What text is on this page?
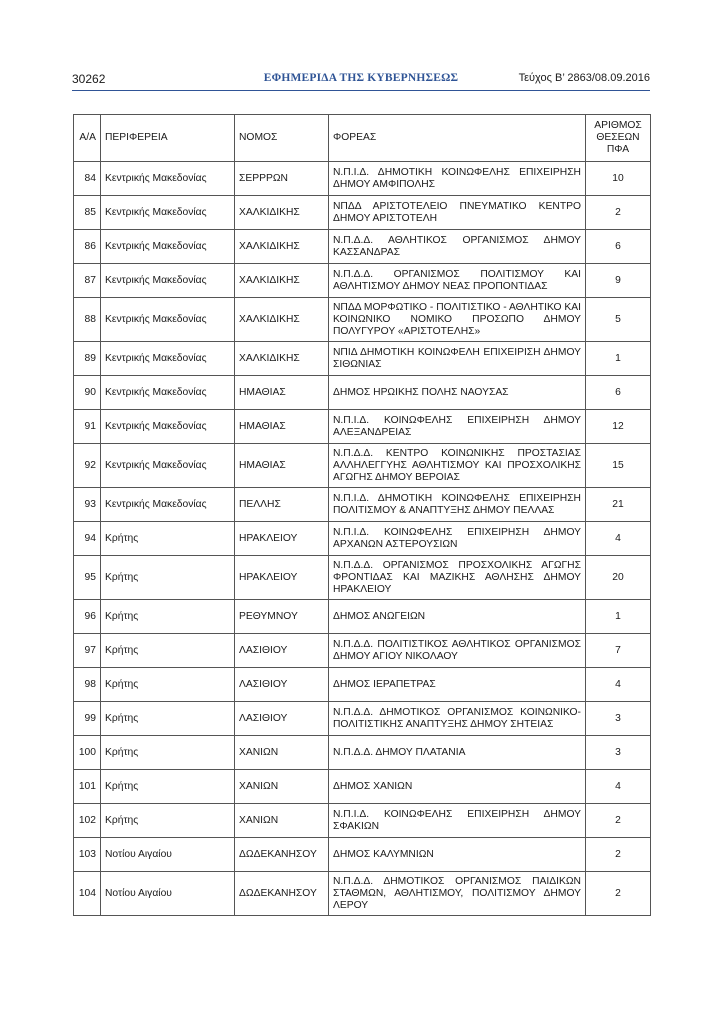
30262	ΕΦΗΜΕΡΙΔΑ ΤΗΣ ΚΥΒΕΡΝΗΣΕΩΣ	Τεύχος Β’ 2863/08.09.2016
Α/Α	ΠΕΡΙΦΕΡΕΙΑ	ΝΟΜΟΣ	ΦΟΡΕΑΣ	ΑΡΙΘΜΟΣ ΘΕΣΕΩΝ ΠΦΑ
84	Κεντρικής Μακεδονίας	ΣΕΡΡΡΩΝ	Ν.Π.Ι.Δ. ΔΗΜΟΤΙΚΗ ΚΟΙΝΩΦΕΛΗΣ ΕΠΙΧΕΙΡΗΣΗ ΔΗΜΟΥ ΑΜΦΙΠΟΛΗΣ	10
85	Κεντρικής Μακεδονίας	ΧΑΛΚΙΔΙΚΗΣ	ΝΠΔΔ ΑΡΙΣΤΟΤΕΛΕΙΟ ΠΝΕΥΜΑΤΙΚΟ ΚΕΝΤΡΟ ΔΗΜΟΥ ΑΡΙΣΤΟΤΕΛΗ	2
86	Κεντρικής Μακεδονίας	ΧΑΛΚΙΔΙΚΗΣ	Ν.Π.Δ.Δ. ΑΘΛΗΤΙΚΟΣ ΟΡΓΑΝΙΣΜΟΣ ΔΗΜΟΥ ΚΑΣΣΑΝΔΡΑΣ	6
87	Κεντρικής Μακεδονίας	ΧΑΛΚΙΔΙΚΗΣ	Ν.Π.Δ.Δ. ΟΡΓΑΝΙΣΜΟΣ ΠΟΛΙΤΙΣΜΟΥ ΚΑΙ ΑΘΛΗΤΙΣΜΟΥ ΔΗΜΟΥ ΝΕΑΣ ΠΡΟΠΟΝΤΙΔΑΣ	9
88	Κεντρικής Μακεδονίας	ΧΑΛΚΙΔΙΚΗΣ	ΝΠΔΔ ΜΟΡΦΩΤΙΚΟ - ΠΟΛΙΤΙΣΤΙΚΟ - ΑΘΛΗΤΙΚΟ ΚΑΙ ΚΟΙΝΩΝΙΚΟ ΝΟΜΙΚΟ ΠΡΟΣΩΠΟ ΔΗΜΟΥ ΠΟΛΥΓΥΡΟΥ «ΑΡΙΣΤΟΤΕΛΗΣ»	5
89	Κεντρικής Μακεδονίας	ΧΑΛΚΙΔΙΚΗΣ	ΝΠΙΔ ΔΗΜΟΤΙΚΗ ΚΟΙΝΩΦΕΛΗ ΕΠΙΧΕΙΡΙΣΗ ΔΗΜΟΥ ΣΙΘΩΝΙΑΣ	1
90	Κεντρικής Μακεδονίας	ΗΜΑΘΙΑΣ	ΔΗΜΟΣ ΗΡΩΙΚΗΣ ΠΟΛΗΣ ΝΑΟΥΣΑΣ	6
91	Κεντρικής Μακεδονίας	ΗΜΑΘΙΑΣ	Ν.Π.Ι.Δ. ΚΟΙΝΩΦΕΛΗΣ ΕΠΙΧΕΙΡΗΣΗ ΔΗΜΟΥ ΑΛΕΞΑΝΔΡΕΙΑΣ	12
92	Κεντρικής Μακεδονίας	ΗΜΑΘΙΑΣ	Ν.Π.Δ.Δ. ΚΕΝΤΡΟ ΚΟΙΝΩΝΙΚΗΣ ΠΡΟΣΤΑΣΙΑΣ ΑΛΛΗΛΕΓΓΥΗΣ ΑΘΛΗΤΙΣΜΟΥ ΚΑΙ ΠΡΟΣΧΟΛΙΚΗΣ ΑΓΩΓΗΣ ΔΗΜΟΥ ΒΕΡΟΙΑΣ	15
93	Κεντρικής Μακεδονίας	ΠΕΛΛΗΣ	Ν.Π.Ι.Δ. ΔΗΜΟΤΙΚΗ ΚΟΙΝΩΦΕΛΗΣ ΕΠΙΧΕΙΡΗΣΗ ΠΟΛΙΤΙΣΜΟΥ & ΑΝΑΠΤΥΞΗΣ ΔΗΜΟΥ ΠΕΛΛΑΣ	21
94	Κρήτης	ΗΡΑΚΛΕΙΟΥ	Ν.Π.Ι.Δ. ΚΟΙΝΩΦΕΛΗΣ ΕΠΙΧΕΙΡΗΣΗ ΔΗΜΟΥ ΑΡΧΑΝΩΝ ΑΣΤΕΡΟΥΣΙΩΝ	4
95	Κρήτης	ΗΡΑΚΛΕΙΟΥ	Ν.Π.Δ.Δ. ΟΡΓΑΝΙΣΜΟΣ ΠΡΟΣΧΟΛΙΚΗΣ ΑΓΩΓΗΣ ΦΡΟΝΤΙΔΑΣ ΚΑΙ ΜΑΖΙΚΗΣ ΑΘΛΗΣΗΣ ΔΗΜΟΥ ΗΡΑΚΛΕΙΟΥ	20
96	Κρήτης	ΡΕΘΥΜΝΟΥ	ΔΗΜΟΣ ΑΝΩΓΕΙΩΝ	1
97	Κρήτης	ΛΑΣΙΘΙΟΥ	Ν.Π.Δ.Δ. ΠΟΛΙΤΙΣΤΙΚΟΣ ΑΘΛΗΤΙΚΟΣ ΟΡΓΑΝΙΣΜΟΣ ΔΗΜΟΥ ΑΓΙΟΥ ΝΙΚΟΛΑΟΥ	7
98	Κρήτης	ΛΑΣΙΘΙΟΥ	ΔΗΜΟΣ ΙΕΡΑΠΕΤΡΑΣ	4
99	Κρήτης	ΛΑΣΙΘΙΟΥ	Ν.Π.Δ.Δ. ΔΗΜΟΤΙΚΟΣ ΟΡΓΑΝΙΣΜΟΣ ΚΟΙΝΩΝΙΚΟ-ΠΟΛΙΤΙΣΤΙΚΗΣ ΑΝΑΠΤΥΞΗΣ ΔΗΜΟΥ ΣΗΤΕΙΑΣ	3
100	Κρήτης	ΧΑΝΙΩΝ	Ν.Π.Δ.Δ. ΔΗΜΟΥ ΠΛΑΤΑΝΙΑ	3
101	Κρήτης	ΧΑΝΙΩΝ	ΔΗΜΟΣ ΧΑΝΙΩΝ	4
102	Κρήτης	ΧΑΝΙΩΝ	Ν.Π.Ι.Δ. ΚΟΙΝΩΦΕΛΗΣ ΕΠΙΧΕΙΡΗΣΗ ΔΗΜΟΥ ΣΦΑΚΙΩΝ	2
103	Νοτίου Αιγαίου	ΔΩΔΕΚΑΝΗΣΟΥ	ΔΗΜΟΣ ΚΑΛΥΜΝΙΩΝ	2
104	Νοτίου Αιγαίου	ΔΩΔΕΚΑΝΗΣΟΥ	Ν.Π.Δ.Δ. ΔΗΜΟΤΙΚΟΣ ΟΡΓΑΝΙΣΜΟΣ ΠΑΙΔΙΚΩΝ ΣΤΑΘΜΩΝ, ΑΘΛΗΤΙΣΜΟΥ, ΠΟΛΙΤΙΣΜΟΥ ΔΗΜΟΥ ΛΕΡΟΥ	2
